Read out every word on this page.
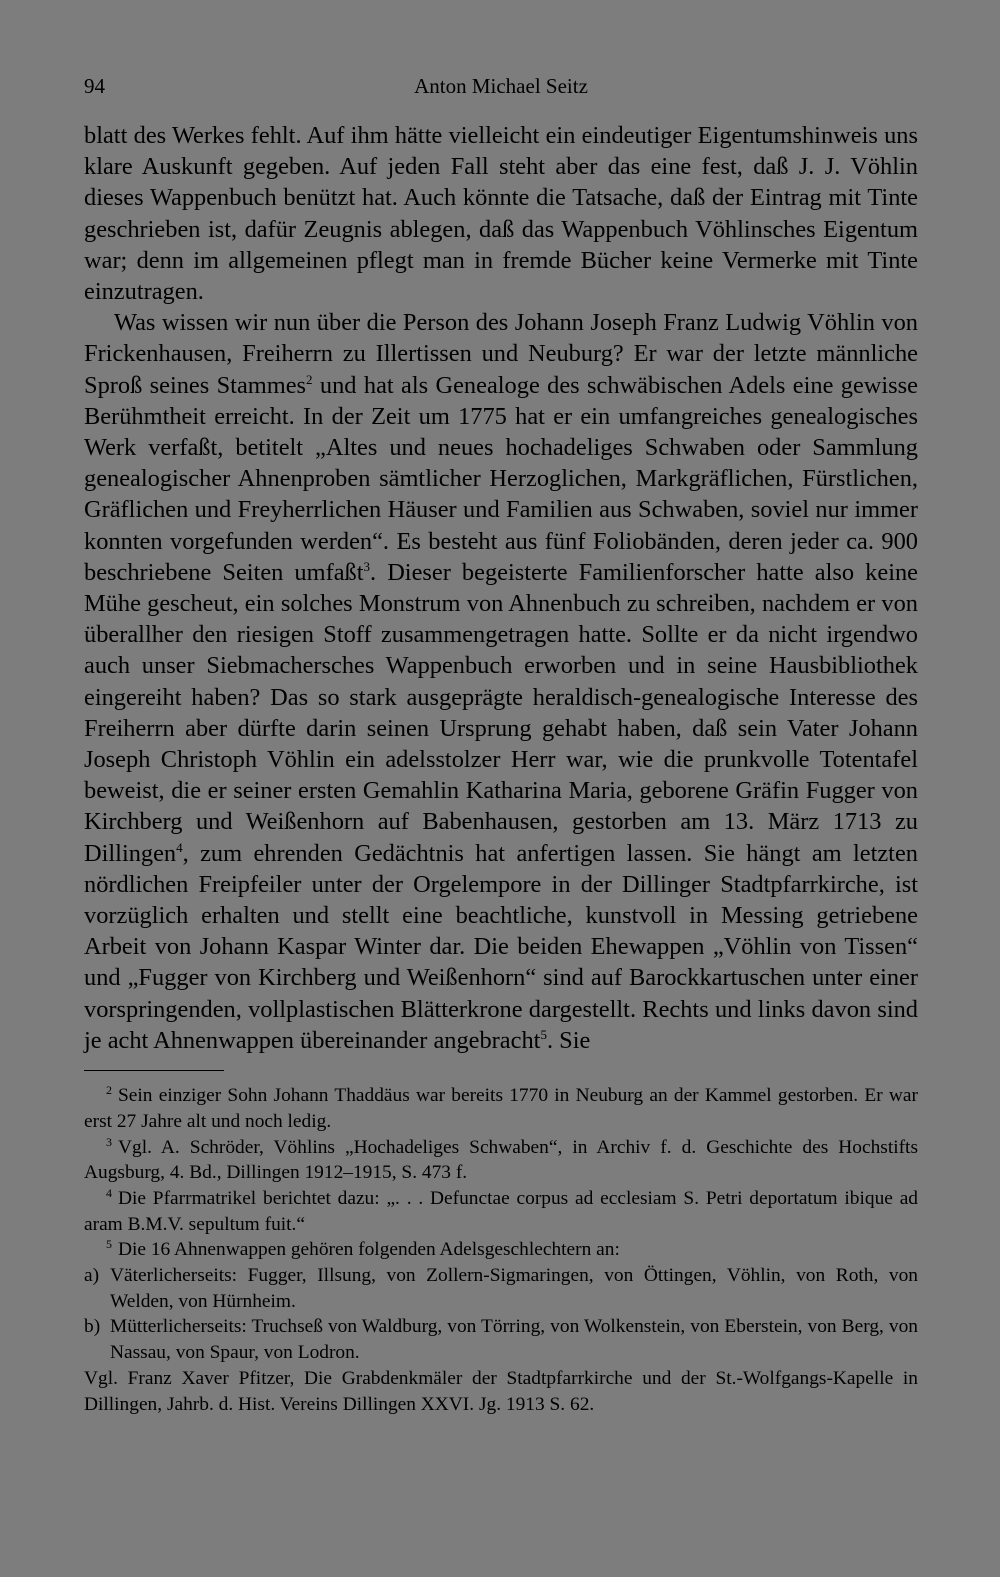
94	Anton Michael Seitz

blatt des Werkes fehlt. Auf ihm hätte vielleicht ein eindeutiger Eigentumshinweis uns klare Auskunft gegeben. Auf jeden Fall steht aber das eine fest, daß J. J. Vöhlin dieses Wappenbuch benützt hat. Auch könnte die Tatsache, daß der Eintrag mit Tinte geschrieben ist, dafür Zeugnis ablegen, daß das Wappenbuch Vöhlinsches Eigentum war; denn im allgemeinen pflegt man in fremde Bücher keine Vermerke mit Tinte einzutragen.

Was wissen wir nun über die Person des Johann Joseph Franz Ludwig Vöhlin von Frickenhausen, Freiherrn zu Illertissen und Neuburg? Er war der letzte männliche Sproß seines Stammes$^2$ und hat als Genealoge des schwäbischen Adels eine gewisse Berühmtheit erreicht. In der Zeit um 1775 hat er ein umfangreiches genealogisches Werk verfaßt, betitelt „Altes und neues hochadeliges Schwaben oder Sammlung genealogischer Ahnenproben sämtlicher Herzoglichen, Markgräflichen, Fürstlichen, Gräflichen und Freyherrlichen Häuser und Familien aus Schwaben, soviel nur immer konnten vorgefunden werden“. Es besteht aus fünf Foliobänden, deren jeder ca. 900 beschriebene Seiten umfaßt$^3$. Dieser begeisterte Familienforscher hatte also keine Mühe gescheut, ein solches Monstrum von Ahnenbuch zu schreiben, nachdem er von überallher den riesigen Stoff zusammengetragen hatte. Sollte er da nicht irgendwo auch unser Siebmachersches Wappenbuch erworben und in seine Hausbibliothek eingereiht haben? Das so stark ausgeprägte heraldisch-genealogische Interesse des Freiherrn aber dürfte darin seinen Ursprung gehabt haben, daß sein Vater Johann Joseph Christoph Vöhlin ein adelsstolzer Herr war, wie die prunkvolle Totentafel beweist, die er seiner ersten Gemahlin Katharina Maria, geborene Gräfin Fugger von Kirchberg und Weißenhorn auf Babenhausen, gestorben am 13. März 1713 zu Dillingen$^4$, zum ehrenden Gedächtnis hat anfertigen lassen. Sie hängt am letzten nördlichen Freipfeiler unter der Orgelempore in der Dillinger Stadtpfarrkirche, ist vorzüglich erhalten und stellt eine beachtliche, kunstvoll in Messing getriebene Arbeit von Johann Kaspar Winter dar. Die beiden Ehewappen „Vöhlin von Tissen“ und „Fugger von Kirchberg und Weißenhorn“ sind auf Barockkartuschen unter einer vorspringenden, vollplastischen Blätterkrone dargestellt. Rechts und links davon sind je acht Ahnenwappen übereinander angebracht$^5$. Sie

$^2$ Sein einziger Sohn Johann Thaddäus war bereits 1770 in Neuburg an der Kammel gestorben. Er war erst 27 Jahre alt und noch ledig.

$^3$ Vgl. A. Schröder, Vöhlins „Hochadeliges Schwaben“, in Archiv f. d. Geschichte des Hochstifts Augsburg, 4. Bd., Dillingen 1912–1915, S. 473 f.

$^4$ Die Pfarrmatrikel berichtet dazu: „. . . Defunctae corpus ad ecclesiam S. Petri deportatum ibique ad aram B.M.V. sepultum fuit.“

$^5$ Die 16 Ahnenwappen gehören folgenden Adelsgeschlechtern an:

a) Väterlicherseits: Fugger, Illsung, von Zollern-Sigmaringen, von Öttingen, Vöhlin, von Roth, von Welden, von Hürnheim.

b) Mütterlicherseits: Truchseß von Waldburg, von Törring, von Wolkenstein, von Eberstein, von Berg, von Nassau, von Spaur, von Lodron.

Vgl. Franz Xaver Pfitzer, Die Grabdenkmäler der Stadtpfarrkirche und der St.-Wolfgangs-Kapelle in Dillingen, Jahrb. d. Hist. Vereins Dillingen XXVI. Jg. 1913 S. 62.
